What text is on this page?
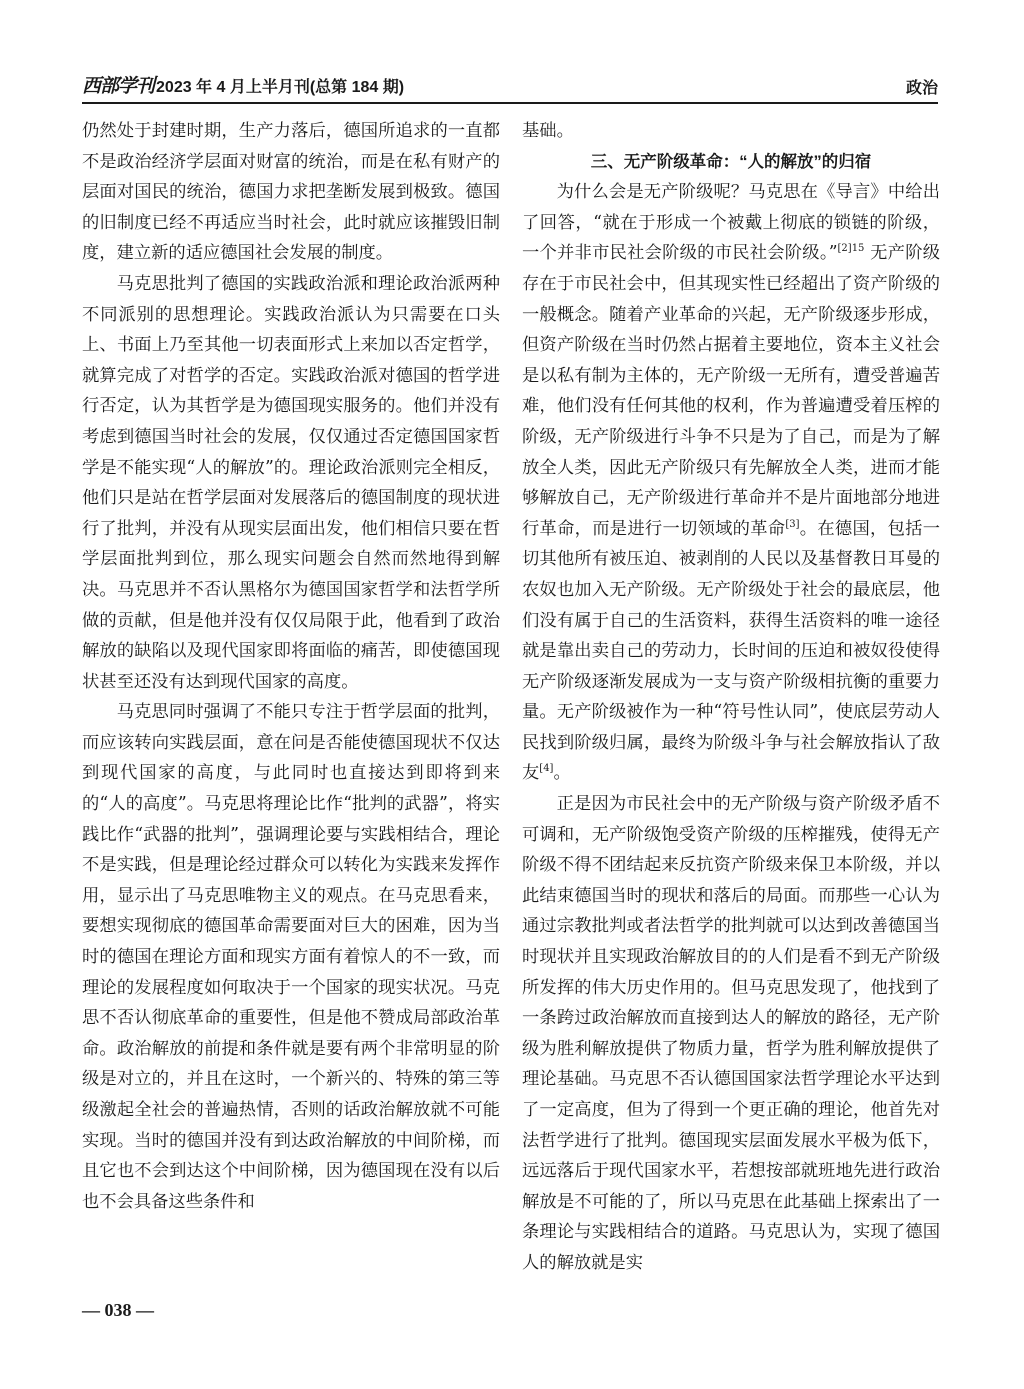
西部学刊 2023 年 4 月上半月刊(总第 184 期)	政治

仍然处于封建时期，生产力落后，德国所追求的一直都不是政治经济学层面对财富的统治，而是在私有财产的层面对国民的统治，德国力求把垄断发展到极致。德国的旧制度已经不再适应当时社会，此时就应该摧毁旧制度，建立新的适应德国社会发展的制度。

马克思批判了德国的实践政治派和理论政治派两种不同派别的思想理论。实践政治派认为只需要在口头上、书面上乃至其他一切表面形式上来加以否定哲学，就算完成了对哲学的否定。实践政治派对德国的哲学进行否定，认为其哲学是为德国现实服务的。他们并没有考虑到德国当时社会的发展，仅仅通过否定德国国家哲学是不能实现“人的解放”的。理论政治派则完全相反，他们只是站在哲学层面对发展落后的德国制度的现状进行了批判，并没有从现实层面出发，他们相信只要在哲学层面批判到位，那么现实问题会自然而然地得到解决。马克思并不否认黑格尔为德国国家哲学和法哲学所做的贡献，但是他并没有仅仅局限于此，他看到了政治解放的缺陷以及现代国家即将面临的痛苦，即使德国现状甚至还没有达到现代国家的高度。

马克思同时强调了不能只专注于哲学层面的批判，而应该转向实践层面，意在问是否能使德国现状不仅达到现代国家的高度，与此同时也直接达到即将到来的“人的高度”。马克思将理论比作“批判的武器”，将实践比作“武器的批判”，强调理论要与实践相结合，理论不是实践，但是理论经过群众可以转化为实践来发挥作用，显示出了马克思唯物主义的观点。在马克思看来，要想实现彻底的德国革命需要面对巨大的困难，因为当时的德国在理论方面和现实方面有着惊人的不一致，而理论的发展程度如何取决于一个国家的现实状况。马克思不否认彻底革命的重要性，但是他不赞成局部政治革命。政治解放的前提和条件就是要有两个非常明显的阶级是对立的，并且在这时，一个新兴的、特殊的第三等级激起全社会的普遍热情，否则的话政治解放就不可能实现。当时的德国并没有到达政治解放的中间阶梯，而且它也不会到达这个中间阶梯，因为德国现在没有以后也不会具备这些条件和

基础。

三、无产阶级革命：“人的解放”的归宿

为什么会是无产阶级呢？马克思在《导言》中给出了回答，“就在于形成一个被戴上彻底的锁链的阶级，一个并非市民社会阶级的市民社会阶级。”$^{[2]15}$ 无产阶级存在于市民社会中，但其现实性已经超出了资产阶级的一般概念。随着产业革命的兴起，无产阶级逐步形成，但资产阶级在当时仍然占据着主要地位，资本主义社会是以私有制为主体的，无产阶级一无所有，遭受普遍苦难，他们没有任何其他的权利，作为普遍遭受着压榨的阶级，无产阶级进行斗争不只是为了自己，而是为了解放全人类，因此无产阶级只有先解放全人类，进而才能够解放自己，无产阶级进行革命并不是片面地部分地进行革命，而是进行一切领域的革命[3]。在德国，包括一切其他所有被压迫、被剥削的人民以及基督教日耳曼的农奴也加入无产阶级。无产阶级处于社会的最底层，他们没有属于自己的生活资料，获得生活资料的唯一途径就是靠出卖自己的劳动力，长时间的压迫和被奴役使得无产阶级逐渐发展成为一支与资产阶级相抗衡的重要力量。无产阶级被作为一种“符号性认同”，使底层劳动人民找到阶级归属，最终为阶级斗争与社会解放指认了敌友[4]。

正是因为市民社会中的无产阶级与资产阶级矛盾不可调和，无产阶级饱受资产阶级的压榨摧残，使得无产阶级不得不团结起来反抗资产阶级来保卫本阶级，并以此结束德国当时的现状和落后的局面。而那些一心认为通过宗教批判或者法哲学的批判就可以达到改善德国当时现状并且实现政治解放目的的人们是看不到无产阶级所发挥的伟大历史作用的。但马克思发现了，他找到了一条跨过政治解放而直接到达人的解放的路径，无产阶级为胜利解放提供了物质力量，哲学为胜利解放提供了理论基础。马克思不否认德国国家法哲学理论水平达到了一定高度，但为了得到一个更正确的理论，他首先对法哲学进行了批判。德国现实层面发展水平极为低下，远远落后于现代国家水平，若想按部就班地先进行政治解放是不可能的了，所以马克思在此基础上探索出了一条理论与实践相结合的道路。马克思认为，实现了德国人的解放就是实

— 038 —
